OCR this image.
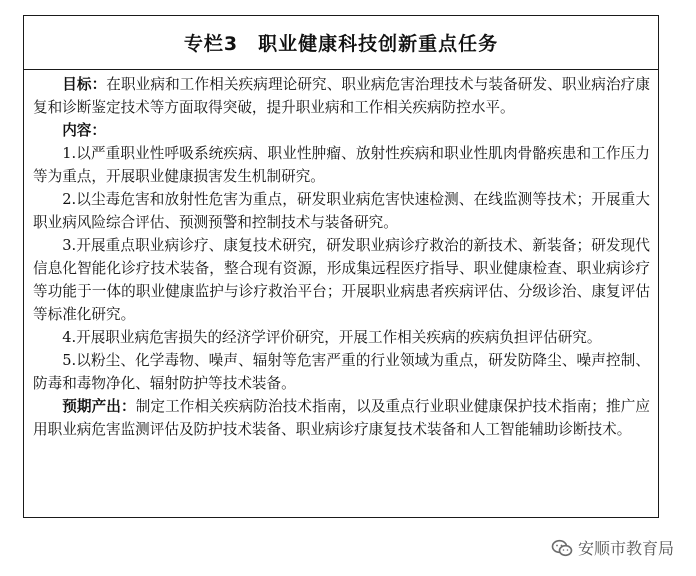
专栏3　职业健康科技创新重点任务

目标：在职业病和工作相关疾病理论研究、职业病危害治理技术与装备研发、职业病治疗康复和诊断鉴定技术等方面取得突破，提升职业病和工作相关疾病防控水平。

内容：

1.以严重职业性呼吸系统疾病、职业性肿瘤、放射性疾病和职业性肌肉骨骼疾患和工作压力等为重点，开展职业健康损害发生机制研究。

2.以尘毒危害和放射性危害为重点，研发职业病危害快速检测、在线监测等技术；开展重大职业病风险综合评估、预测预警和控制技术与装备研究。

3.开展重点职业病诊疗、康复技术研究，研发职业病诊疗救治的新技术、新装备；研发现代信息化智能化诊疗技术装备，整合现有资源，形成集远程医疗指导、职业健康检查、职业病诊疗等功能于一体的职业健康监护与诊疗救治平台；开展职业病患者疾病评估、分级诊治、康复评估等标准化研究。

4.开展职业病危害损失的经济学评价研究，开展工作相关疾病的疾病负担评估研究。

5.以粉尘、化学毒物、噪声、辐射等危害严重的行业领域为重点，研发防降尘、噪声控制、防毒和毒物净化、辐射防护等技术装备。

预期产出：制定工作相关疾病防治技术指南，以及重点行业职业健康保护技术指南；推广应用职业病危害监测评估及防护技术装备、职业病诊疗康复技术装备和人工智能辅助诊断技术。

安顺市教育局
